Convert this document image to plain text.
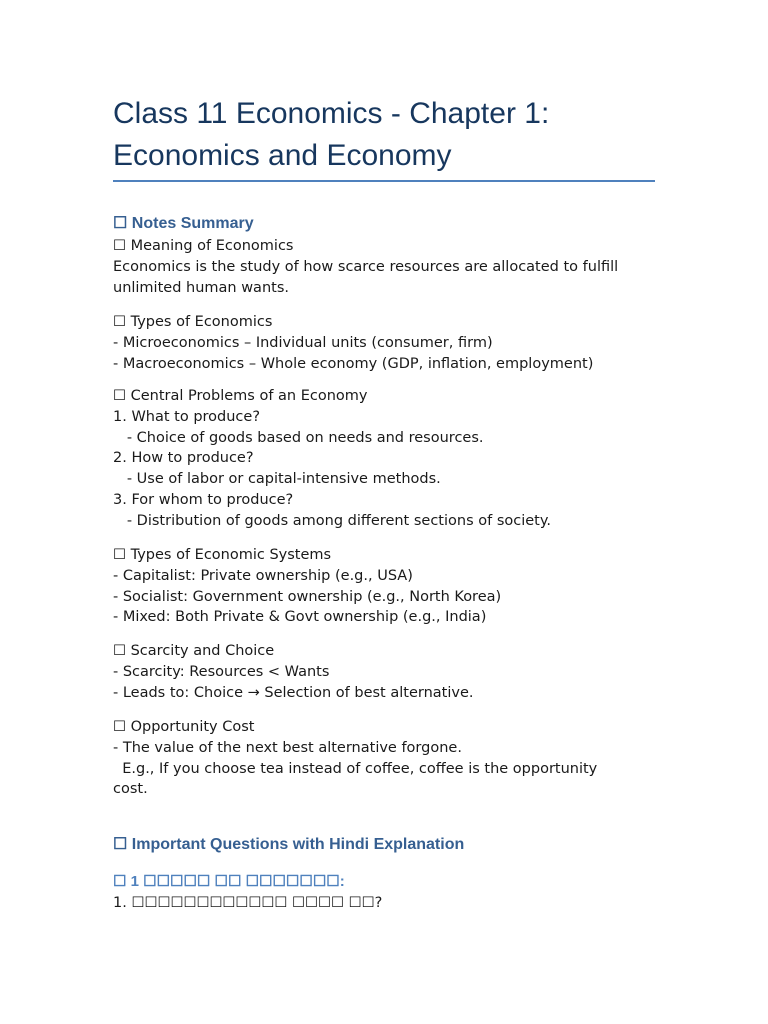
Class 11 Economics - Chapter 1:
Economics and Economy
☐ Notes Summary
☐ Meaning of Economics
Economics is the study of how scarce resources are allocated to fulfill
unlimited human wants.
☐ Types of Economics
- Microeconomics – Individual units (consumer, firm)
- Macroeconomics – Whole economy (GDP, inflation, employment)
☐ Central Problems of an Economy
1. What to produce?
- Choice of goods based on needs and resources.
2. How to produce?
- Use of labor or capital-intensive methods.
3. For whom to produce?
- Distribution of goods among different sections of society.
☐ Types of Economic Systems
- Capitalist: Private ownership (e.g., USA)
- Socialist: Government ownership (e.g., North Korea)
- Mixed: Both Private & Govt ownership (e.g., India)
☐ Scarcity and Choice
- Scarcity: Resources < Wants
- Leads to: Choice → Selection of best alternative.
☐ Opportunity Cost
- The value of the next best alternative forgone.
E.g., If you choose tea instead of coffee, coffee is the opportunity
cost.
☐ Important Questions with Hindi Explanation
☐ 1 ☐☐☐☐☐ ☐☐ ☐☐☐☐☐☐☐:
1. ☐☐☐☐☐☐☐☐☐☐☐☐ ☐☐☐☐ ☐☐?
